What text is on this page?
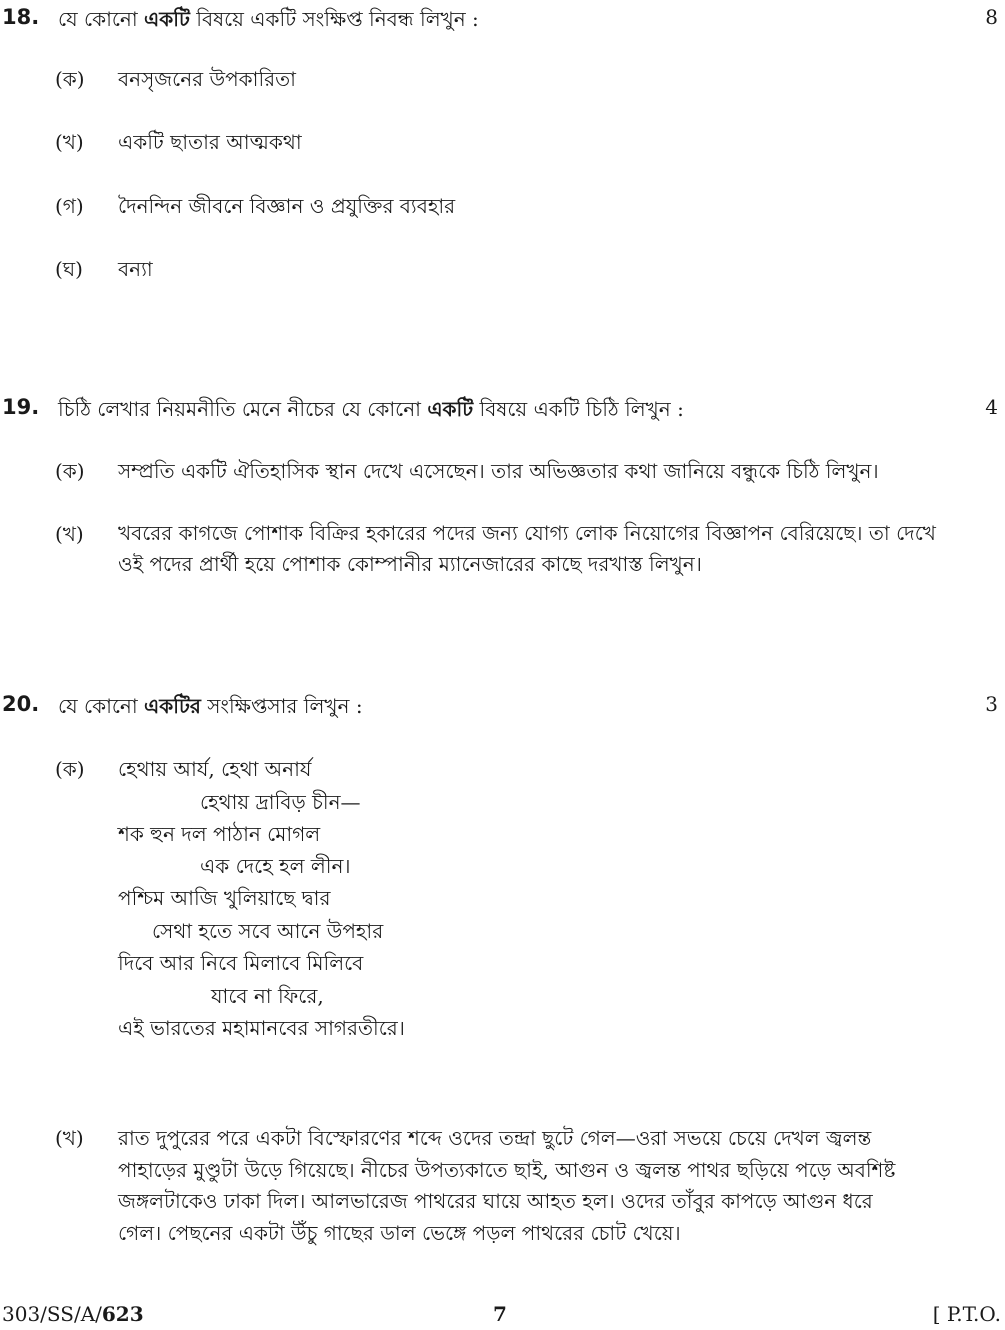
18. যে কোনো একটি বিষয়ে একটি সংক্ষিপ্ত নিবন্ধ লিখুন :	8
(ক) বনসৃজনের উপকারিতা
(খ) একটি ছাতার আত্মকথা
(গ) দৈনন্দিন জীবনে বিজ্ঞান ও প্রযুক্তির ব্যবহার
(ঘ) বন্যা
19. চিঠি লেখার নিয়মনীতি মেনে নীচের যে কোনো একটি বিষয়ে একটি চিঠি লিখুন :	4
(ক) সম্প্রতি একটি ঐতিহাসিক স্থান দেখে এসেছেন। তার অভিজ্ঞতার কথা জানিয়ে বন্ধুকে চিঠি লিখুন।
(খ) খবরের কাগজে পোশাক বিক্রির হকারের পদের জন্য যোগ্য লোক নিয়োগের বিজ্ঞাপন বেরিয়েছে। তা দেখে ওই পদের প্রার্থী হয়ে পোশাক কোম্পানীর ম্যানেজারের কাছে দরখাস্ত লিখুন।
20. যে কোনো একটির সংক্ষিপ্তসার লিখুন :	3
(ক) হেথায় আর্য, হেথা অনার্য
হেথায় দ্রাবিড় চীন—
শক হুন দল পাঠান মোগল
এক দেহে হল লীন।
পশ্চিম আজি খুলিয়াছে দ্বার
সেথা হতে সবে আনে উপহার
দিবে আর নিবে মিলাবে মিলিবে
যাবে না ফিরে,
এই ভারতের মহামানবের সাগরতীরে।
(খ) রাত দুপুরের পরে একটা বিস্ফোরণের শব্দে ওদের তন্দ্রা ছুটে গেল—ওরা সভয়ে চেয়ে দেখল জ্বলন্ত
পাহাড়ের মুণ্ডুটা উড়ে গিয়েছে। নীচের উপত্যকাতে ছাই, আগুন ও জ্বলন্ত পাথর ছড়িয়ে পড়ে অবশিষ্ট
জঙ্গলটাকেও ঢাকা দিল। আলভারেজ পাথরের ঘায়ে আহত হল। ওদের তাঁবুর কাপড়ে আগুন ধরে
গেল। পেছনের একটা উঁচু গাছের ডাল ভেঙ্গে পড়ল পাথরের চোট খেয়ে।
303/SS/A/623	7	[ P.T.O.
